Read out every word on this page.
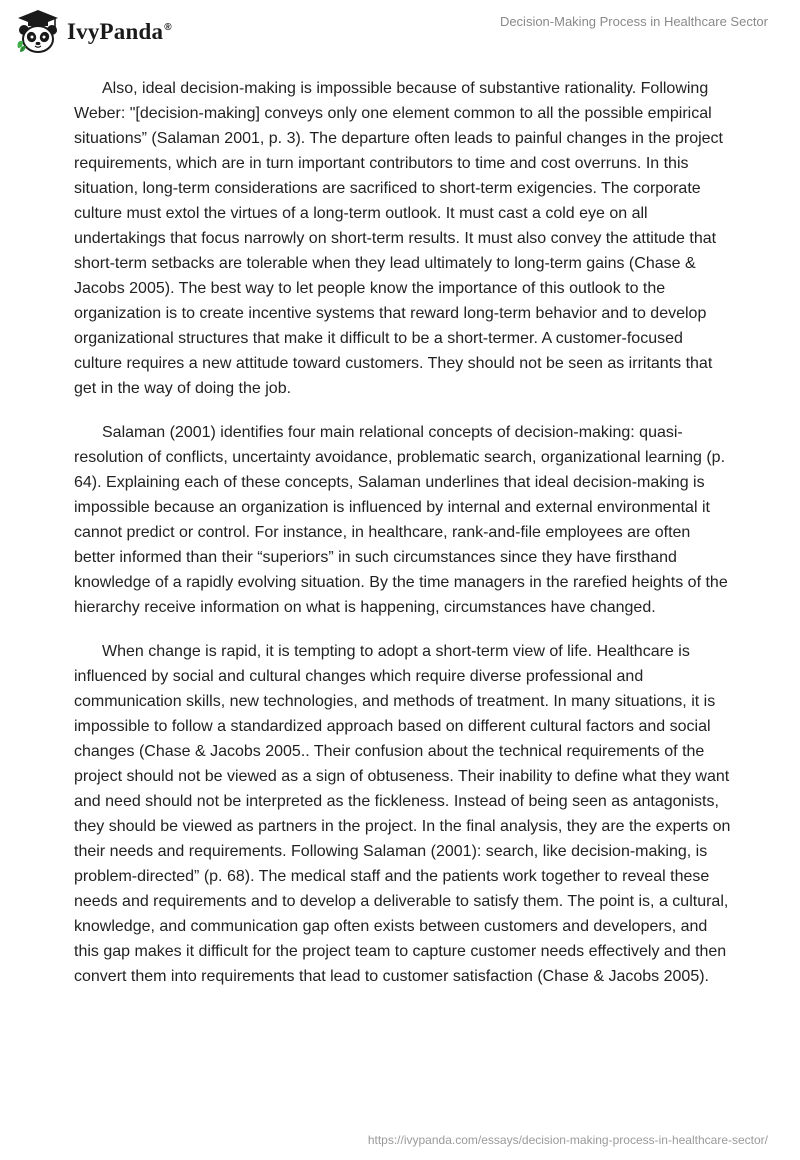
IvyPanda®	Decision-Making Process in Healthcare Sector

Also, ideal decision-making is impossible because of substantive rationality. Following Weber: "[decision-making] conveys only one element common to all the possible empirical situations” (Salaman 2001, p. 3). The departure often leads to painful changes in the project requirements, which are in turn important contributors to time and cost overruns. In this situation, long-term considerations are sacrificed to short-term exigencies. The corporate culture must extol the virtues of a long-term outlook. It must cast a cold eye on all undertakings that focus narrowly on short-term results. It must also convey the attitude that short-term setbacks are tolerable when they lead ultimately to long-term gains (Chase & Jacobs 2005). The best way to let people know the importance of this outlook to the organization is to create incentive systems that reward long-term behavior and to develop organizational structures that make it difficult to be a short-termer. A customer-focused culture requires a new attitude toward customers. They should not be seen as irritants that get in the way of doing the job.

Salaman (2001) identifies four main relational concepts of decision-making: quasi-resolution of conflicts, uncertainty avoidance, problematic search, organizational learning (p. 64). Explaining each of these concepts, Salaman underlines that ideal decision-making is impossible because an organization is influenced by internal and external environmental it cannot predict or control. For instance, in healthcare, rank-and-file employees are often better informed than their “superiors” in such circumstances since they have firsthand knowledge of a rapidly evolving situation. By the time managers in the rarefied heights of the hierarchy receive information on what is happening, circumstances have changed.

When change is rapid, it is tempting to adopt a short-term view of life. Healthcare is influenced by social and cultural changes which require diverse professional and communication skills, new technologies, and methods of treatment. In many situations, it is impossible to follow a standardized approach based on different cultural factors and social changes (Chase & Jacobs 2005.. Their confusion about the technical requirements of the project should not be viewed as a sign of obtuseness. Their inability to define what they want and need should not be interpreted as the fickleness. Instead of being seen as antagonists, they should be viewed as partners in the project. In the final analysis, they are the experts on their needs and requirements. Following Salaman (2001): search, like decision-making, is problem-directed” (p. 68). The medical staff and the patients work together to reveal these needs and requirements and to develop a deliverable to satisfy them. The point is, a cultural, knowledge, and communication gap often exists between customers and developers, and this gap makes it difficult for the project team to capture customer needs effectively and then convert them into requirements that lead to customer satisfaction (Chase & Jacobs 2005).

https://ivypanda.com/essays/decision-making-process-in-healthcare-sector/
